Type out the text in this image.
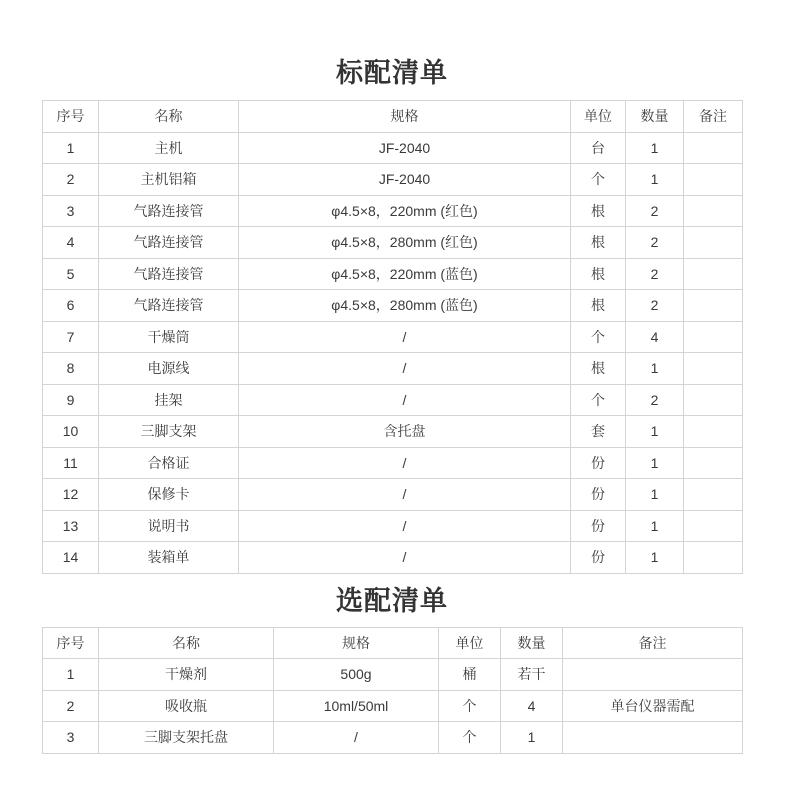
标配清单
序号	名称	规格	单位	数量	备注
1	主机	JF-2040	台	1	
2	主机铝箱	JF-2040	个	1	
3	气路连接管	φ4.5×8，220mm (红色)	根	2	
4	气路连接管	φ4.5×8，280mm (红色)	根	2	
5	气路连接管	φ4.5×8，220mm (蓝色)	根	2	
6	气路连接管	φ4.5×8，280mm (蓝色)	根	2	
7	干燥筒	/	个	4	
8	电源线	/	根	1	
9	挂架	/	个	2	
10	三脚支架	含托盘	套	1	
11	合格证	/	份	1	
12	保修卡	/	份	1	
13	说明书	/	份	1	
14	装箱单	/	份	1	
选配清单
序号	名称	规格	单位	数量	备注
1	干燥剂	500g	桶	若干	
2	吸收瓶	10ml/50ml	个	4	单台仪器需配
3	三脚支架托盘	/	个	1	
